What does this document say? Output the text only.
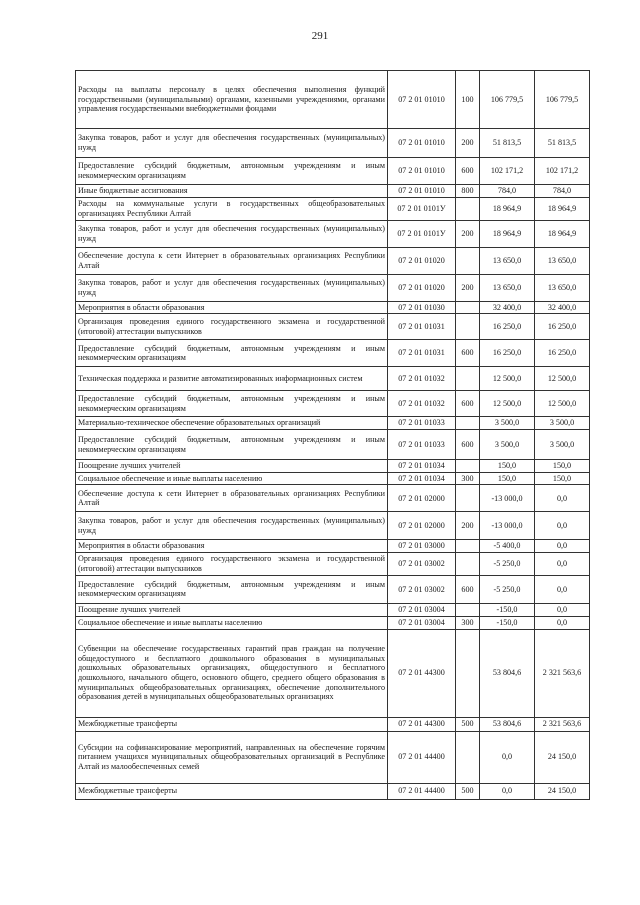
291
Расходы на выплаты персоналу в целях обеспечения выполнения функций государственными (муниципальными) органами, казенными учреждениями, органами управления государственными внебюджетными фондами	07 2 01 01010	100	106 779,5	106 779,5
Закупка товаров, работ и услуг для обеспечения государственных (муниципальных) нужд	07 2 01 01010	200	51 813,5	51 813,5
Предоставление субсидий бюджетным, автономным учреждениям и иным некоммерческим организациям	07 2 01 01010	600	102 171,2	102 171,2
Иные бюджетные ассигнования	07 2 01 01010	800	784,0	784,0
Расходы на коммунальные услуги в государственных общеобразовательных организациях Республики Алтай	07 2 01 0101У		18 964,9	18 964,9
Закупка товаров, работ и услуг для обеспечения государственных (муниципальных) нужд	07 2 01 0101У	200	18 964,9	18 964,9
Обеспечение доступа к сети Интернет в образовательных организациях Республики Алтай	07 2 01 01020		13 650,0	13 650,0
Закупка товаров, работ и услуг для обеспечения государственных (муниципальных) нужд	07 2 01 01020	200	13 650,0	13 650,0
Мероприятия в области образования	07 2 01 01030		32 400,0	32 400,0
Организация проведения единого государственного экзамена и государственной (итоговой) аттестации выпускников	07 2 01 01031		16 250,0	16 250,0
Предоставление субсидий бюджетным, автономным учреждениям и иным некоммерческим организациям	07 2 01 01031	600	16 250,0	16 250,0
Техническая поддержка и развитие автоматизированных информационных систем	07 2 01 01032		12 500,0	12 500,0
Предоставление субсидий бюджетным, автономным учреждениям и иным некоммерческим организациям	07 2 01 01032	600	12 500,0	12 500,0
Материально-техническое обеспечение образовательных организаций	07 2 01 01033		3 500,0	3 500,0
Предоставление субсидий бюджетным, автономным учреждениям и иным некоммерческим организациям	07 2 01 01033	600	3 500,0	3 500,0
Поощрение лучших учителей	07 2 01 01034		150,0	150,0
Социальное обеспечение и иные выплаты населению	07 2 01 01034	300	150,0	150,0
Обеспечение доступа к сети Интернет в образовательных организациях Республики Алтай	07 2 01 02000		-13 000,0	0,0
Закупка товаров, работ и услуг для обеспечения государственных (муниципальных) нужд	07 2 01 02000	200	-13 000,0	0,0
Мероприятия в области образования	07 2 01 03000		-5 400,0	0,0
Организация проведения единого государственного экзамена и государственной (итоговой) аттестации выпускников	07 2 01 03002		-5 250,0	0,0
Предоставление субсидий бюджетным, автономным учреждениям и иным некоммерческим организациям	07 2 01 03002	600	-5 250,0	0,0
Поощрение лучших учителей	07 2 01 03004		-150,0	0,0
Социальное обеспечение и иные выплаты населению	07 2 01 03004	300	-150,0	0,0
Субвенции на обеспечение государственных гарантий прав граждан на получение общедоступного и бесплатного дошкольного образования в муниципальных дошкольных образовательных организациях, общедоступного и бесплатного дошкольного, начального общего, основного общего, среднего общего образования в муниципальных общеобразовательных организациях, обеспечение дополнительного образования детей в муниципальных общеобразовательных организациях	07 2 01 44300		53 804,6	2 321 563,6
Межбюджетные трансферты	07 2 01 44300	500	53 804,6	2 321 563,6
Субсидии на софинансирование мероприятий, направленных на обеспечение горячим питанием учащихся муниципальных общеобразовательных организаций в Республике Алтай из малообеспеченных семей	07 2 01 44400		0,0	24 150,0
Межбюджетные трансферты	07 2 01 44400	500	0,0	24 150,0
